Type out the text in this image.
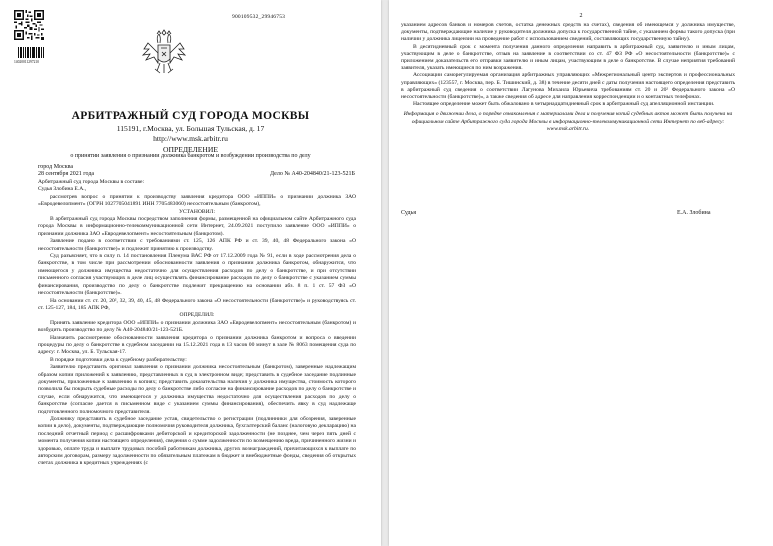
900109532_29946753
14020011297210
АРБИТРАЖНЫЙ СУД ГОРОДА МОСКВЫ
115191, г.Москва, ул. Большая Тульская, д. 17
http://www.msk.arbitr.ru
ОПРЕДЕЛЕНИЕ
о принятии заявления о признании должника банкротом и возбуждении производства по делу
город Москва
28 сентября 2021 года	Дело № А40-204840/21-123-521Б

Арбитражный суд города Москвы в составе:

Судья Злобина Е.А.,

рассмотрев вопрос о принятии к производству заявления кредитора ООО «ИППИ» о признании должника ЗАО «Евродевелопмент» (ОГРН 1027705041891 ИНН 7705483060) несостоятельным (банкротом),

УСТАНОВИЛ:

В арбитражный суд города Москвы посредством заполнения формы, размещенной на официальном сайте Арбитражного суда города Москвы в информационно-телекоммуникационной сети Интернет, 24.09.2021 поступило заявление ООО «ИППИ» о признании должника ЗАО «Евродевелопмент» несостоятельным (банкротом).

Заявление подано в соответствии с требованиями ст. 125, 126 АПК РФ и ст. 39, 40, 48 Федерального закона «О несостоятельности (банкротстве)» и подлежит принятию к производству.

Суд разъясняет, что в силу п. 14 постановления Пленума ВАС РФ от 17.12.2009 года № 91, если в ходе рассмотрения дела о банкротстве, в том числе при рассмотрении обоснованности заявления о признании должника банкротом, обнаружится, что имеющегося у должника имущества недостаточно для осуществления расходов по делу о банкротстве, и при отсутствии письменного согласия участвующих в деле лиц осуществлять финансирование расходов по делу о банкротстве с указанием суммы финансирования, производство по делу о банкротстве подлежит прекращению на основании абз. 8 п. 1 ст. 57 ФЗ «О несостоятельности (банкротстве)».

На основании ст. ст. 20, 20², 32, 39, 40, 45, 48 Федерального закона «О несостоятельности (банкротстве)» и руководствуясь ст. ст. 125-127, 184, 185 АПК РФ,

ОПРЕДЕЛИЛ:

Принять заявление кредитора ООО «ИППИ» о признании должника ЗАО «Евродевелопмент» несостоятельным (банкротом) и возбудить производство по делу № А40-204840/21-123-521Б.

Назначить рассмотрение обоснованности заявления кредитора о признании должника банкротом и вопроса о введении процедуры по делу о банкротстве в судебном заседании на 15.12.2021 года в 13 часов 00 минут в зале № 8063 помещения суда по адресу: г. Москва, ул. Б. Тульская-17.

В порядке подготовки дела к судебному разбирательству:

Заявителю представить оригинал заявления о признании должника несостоятельным (банкротом), заверенные надлежащим образом копии приложений к заявлению, представленных в суд в электронном виде; представить в судебное заседание подлинные документы, приложенные к заявлению в копиях; представить доказательства наличия у должника имущества, стоимость которого позволила бы покрыть судебные расходы по делу о банкротстве либо согласие на финансирование расходов по делу о банкротстве и случае, если обнаружится, что имеющегося у должника имущества недостаточно для осуществления расходов по делу о банкротстве (согласие дается в письменном виде с указанием суммы финансирования), обеспечить явку в суд надлежаще подготовленного полномочного представителя.

Должнику представить в судебное заседание устав, свидетельство о регистрации (подлинники для обозрения, заверенные копии в дело), документы, подтверждающие полномочия руководителя должника, бухгалтерский баланс (налоговую декларацию) на последний отчетный период с расшифровками дебиторской и кредиторской задолженности (не позднее, чем через пять дней с момента получения копии настоящего определения), сведения о сумме задолженности по возмещению вреда, причиненного жизни и здоровью, оплате труда и выплате трудовых пособий работникам должника, других вознаграждений, причитающихся к выплате по авторским договорам, размеру задолженности по обязательным платежам в бюджет и внебюджетные фонды, сведения об открытых счетах должника в кредитных учреждениях (с

2

указанием адресов банков и номеров счетов, остатка денежных средств на счетах), сведения об имеющемся у должника имуществе, документы, подтверждающие наличие у руководителя должника допуска к государственной тайне, с указанием формы такого допуска (при наличии у должника лицензии на проведение работ с использованием сведений, составляющих государственную тайну).

В десятидневный срок с момента получения данного определения направить в арбитражный суд, заявителю и иным лицам, участвующим в деле о банкротстве, отзыв на заявление в соответствии со ст. 47 ФЗ РФ «О несостоятельности (банкротстве)» с приложением доказательств его отправки заявителю и иным лицам, участвующим в деле о банкротстве. В случае неприятия требований заявителя, указать имеющиеся по ним возражения.

Ассоциации саморегулируемая организация арбитражных управляющих «Межрегиональный центр экспертов и профессиональных управляющих» (123557, г. Москва, пер. Б. Тишинский, д. 38) в течение десяти дней с даты получения настоящего определения представить в арбитражный суд сведения о соответствии Лагунова Михаила Юрьевича требованиям ст. 20 и 20² Федерального закона «О несостоятельности (банкротстве)», а также сведения об адресе для направления корреспонденции и о контактных телефонах.

Настоящее определение может быть обжаловано в четырнадцатидневный срок в арбитражный суд апелляционной инстанции.

Информация о движении дела, о порядке ознакомления с материалами дела и получения копий судебных актов может быть получена на официальном сайте Арбитражного суда города Москвы в информационно-телекоммуникационной сети Интернет по веб-адресу: www.msk.arbitr.ru.

Судья	Е.А. Злобина
